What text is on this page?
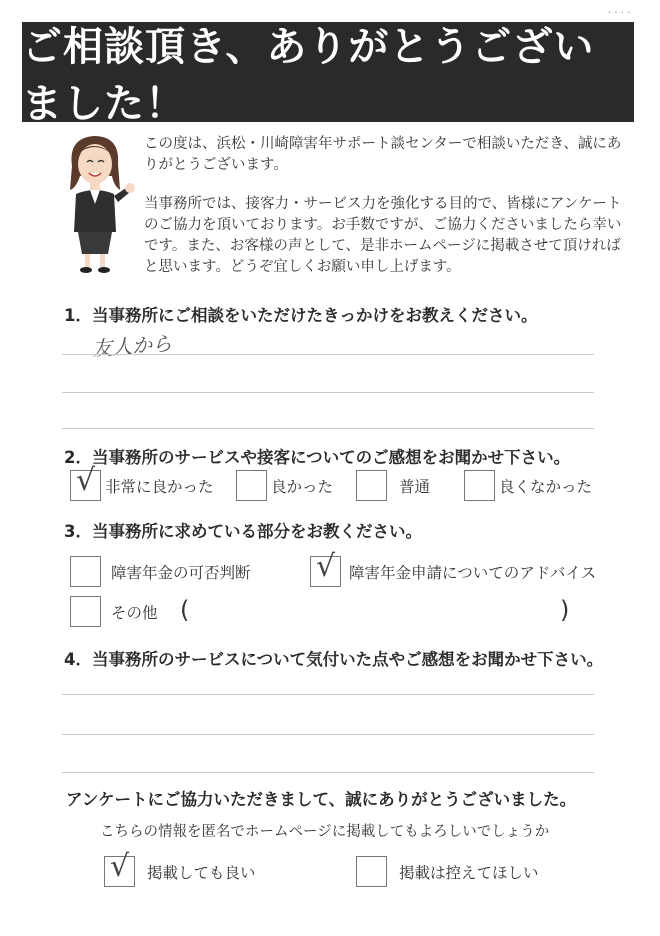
· · · ·
ご相談頂き、ありがとうございました！

この度は、浜松・川崎障害年サポート談センターで相談いただき、誠にありがとうございます。

当事務所では、接客力・サービス力を強化する目的で、皆様にアンケートのご協力を頂いております。お手数ですが、ご協力くださいましたら幸いです。また、お客様の声として、是非ホームページに掲載させて頂ければと思います。どうぞ宜しくお願い申し上げます。

1．当事務所にご相談をいただけたきっかけをお教えください。
友人から
2．当事務所のサービスや接客についてのご感想をお聞かせ下さい。
√ 非常に良かった	良かった	普通	良くなかった
3．当事務所に求めている部分をお教ください。
障害年金の可否判断 √ 障害年金申請についてのアドバイス
その他 (	)
4．当事務所のサービスについて気付いた点やご感想をお聞かせ下さい。
アンケートにご協力いただきまして、誠にありがとうございました。
こちらの情報を匿名でホームページに掲載してもよろしいでしょうか
√ 掲載しても良い	掲載は控えてほしい
